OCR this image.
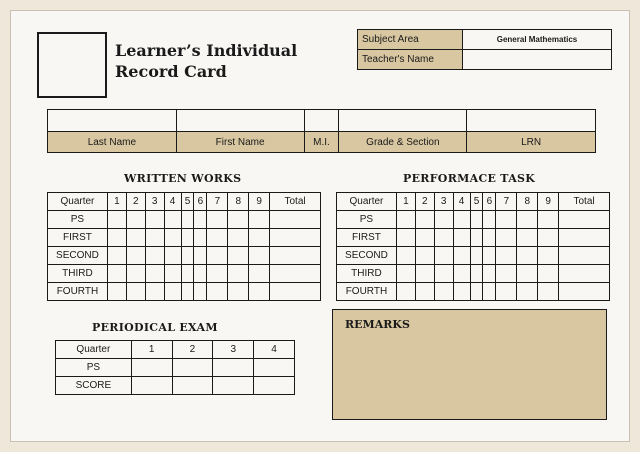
Learner’s Individual
Record Card
Subject Area	General Mathematics
Teacher's Name	

Last Name	First Name	M.I.	Grade & Section	LRN
WRITTEN WORKS	PERFORMACE TASK
PERIODICAL EXAM
Quarter	1	2	3	4	5	6	7	8	9	Total
PS										
FIRST										
SECOND										
THIRD										
FOURTH										
Quarter	1	2	3	4	5	6	7	8	9	Total
PS										
FIRST										
SECOND										
THIRD										
FOURTH										
Quarter	1	2	3	4
PS				
SCORE				
REMARKS
